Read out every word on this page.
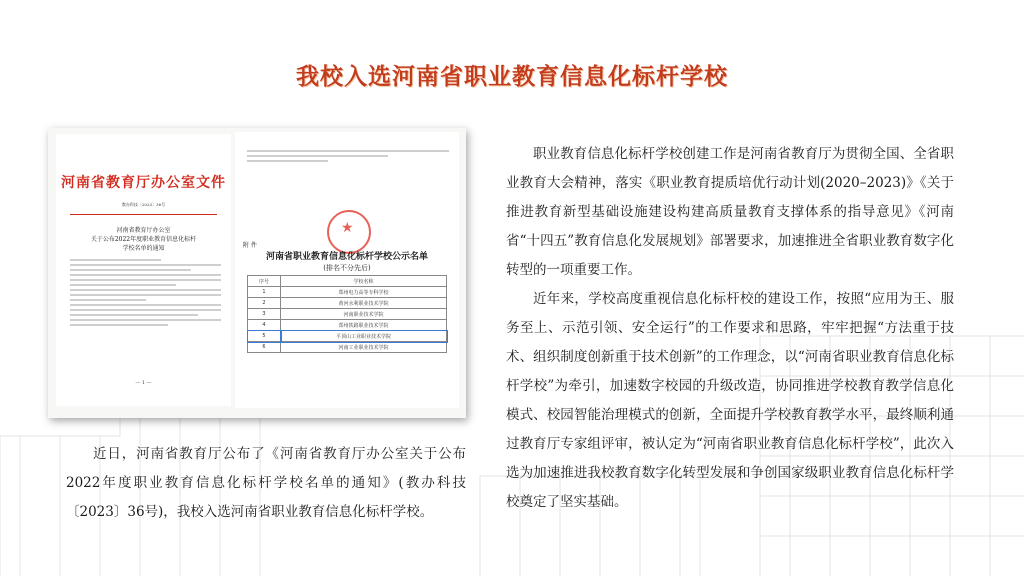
我校入选河南省职业教育信息化标杆学校
河南省教育厅办公室文件
教办科技〔2023〕36号
河南省教育厅办公室
关于公布2022年度职业教育信息化标杆
学校名单的通知
— 1 —
★
附 件
河南省职业教育信息化标杆学校公示名单
(排名不分先后)
序号	学校名称
1	郑州电力高等专科学校
2	黄河水利职业技术学院
3	河南职业技术学院
4	郑州铁路职业技术学院
5	平顶山工业职业技术学院
6	河南工业职业技术学院

职业教育信息化标杆学校创建工作是河南省教育厅为贯彻全国、全省职业教育大会精神，落实《职业教育提质培优行动计划(2020–2023)》《关于推进教育新型基础设施建设构建高质量教育支撑体系的指导意见》《河南省“十四五”教育信息化发展规划》部署要求，加速推进全省职业教育数字化转型的一项重要工作。

近年来，学校高度重视信息化标杆校的建设工作，按照“应用为王、服务至上、示范引领、安全运行”的工作要求和思路，牢牢把握“方法重于技术、组织制度创新重于技术创新”的工作理念，以“河南省职业教育信息化标杆学校”为牵引，加速数字校园的升级改造，协同推进学校教育教学信息化模式、校园智能治理模式的创新，全面提升学校教育教学水平，最终顺利通过教育厅专家组评审，被认定为“河南省职业教育信息化标杆学校”，此次入选为加速推进我校教育数字化转型发展和争创国家级职业教育信息化标杆学校奠定了坚实基础。

近日，河南省教育厅公布了《河南省教育厅办公室关于公布2022年度职业教育信息化标杆学校名单的通知》(教办科技〔2023〕36号)，我校入选河南省职业教育信息化标杆学校。
